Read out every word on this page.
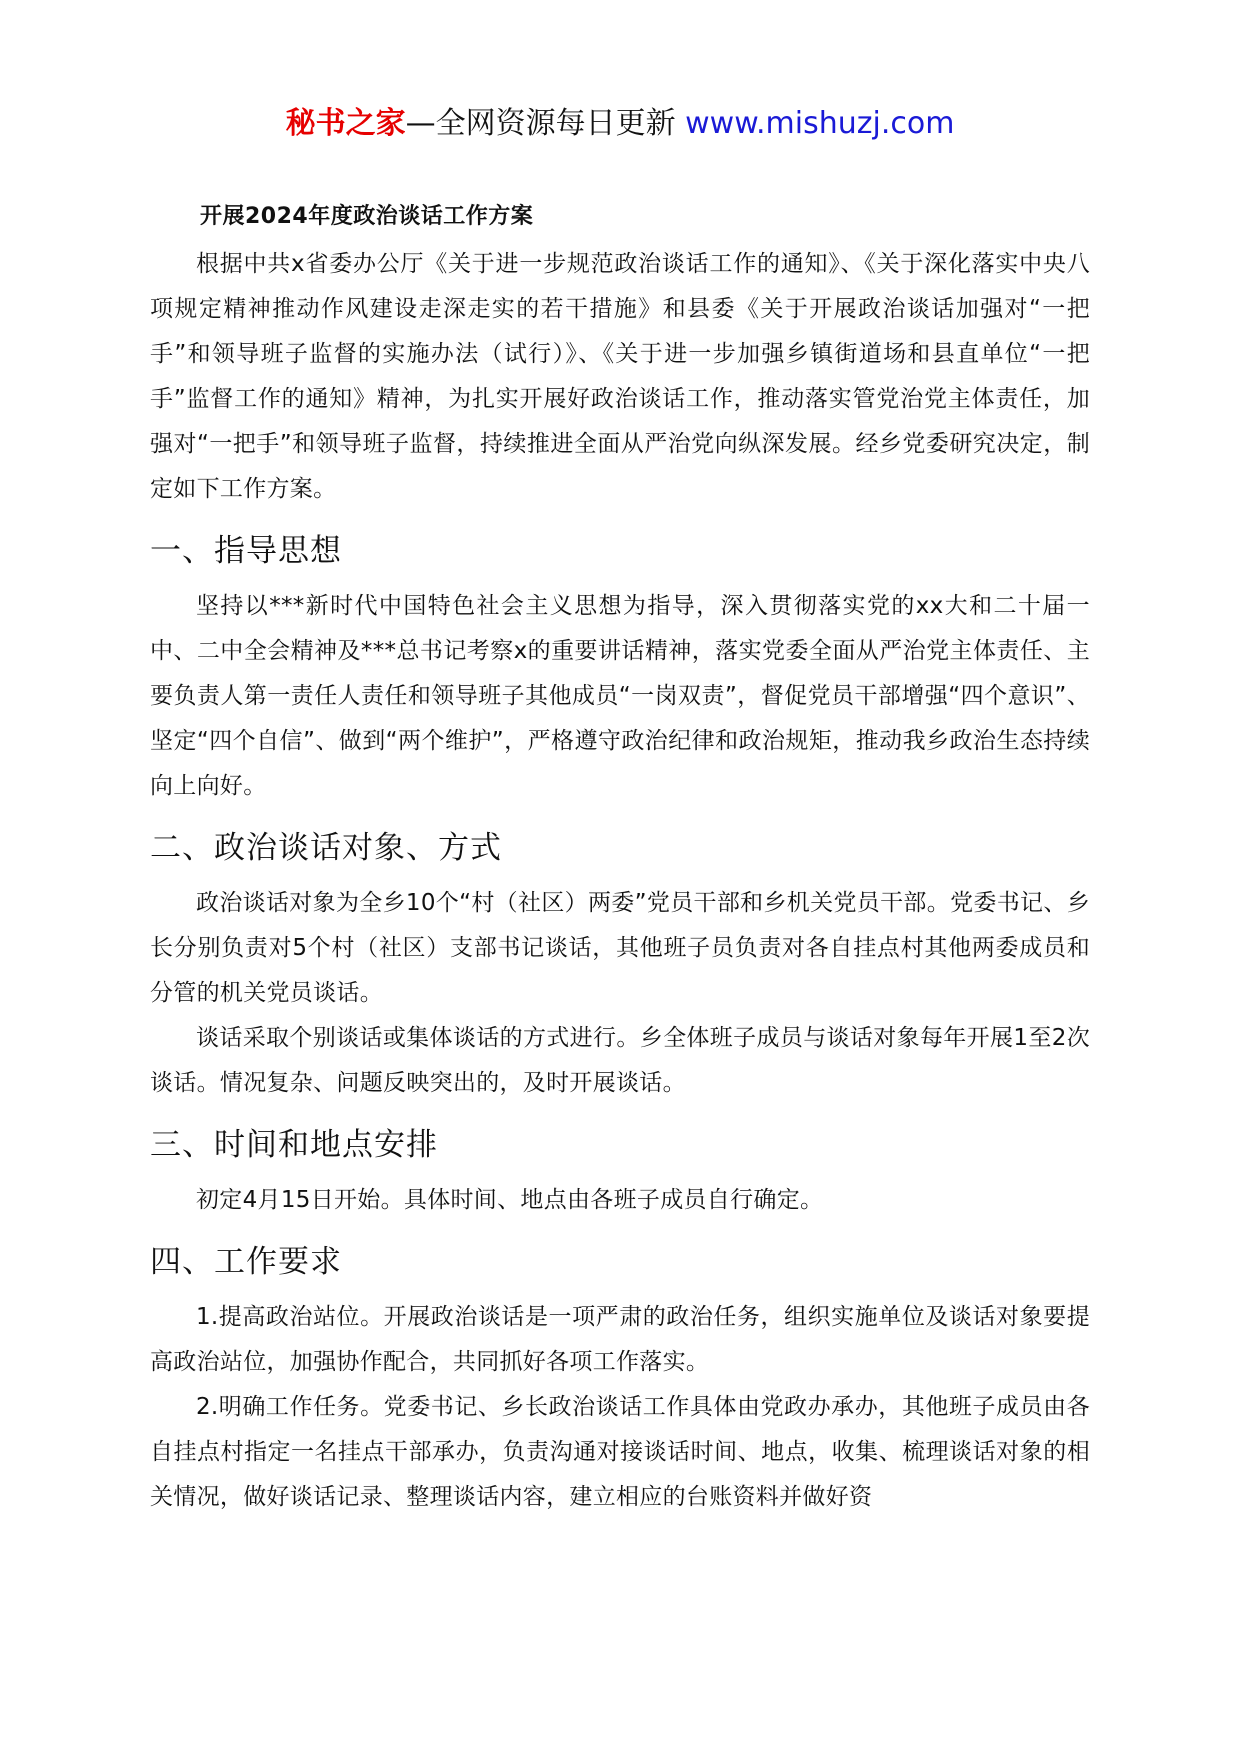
秘书之家—全网资源每日更新 www.mishuzj.com

开展2024年度政治谈话工作方案

根据中共x省委办公厅《关于进一步规范政治谈话工作的通知》、《关于深化落实中央八项规定精神推动作风建设走深走实的若干措施》和县委《关于开展政治谈话加强对“一把手”和领导班子监督的实施办法（试行）》、《关于进一步加强乡镇街道场和县直单位“一把手”监督工作的通知》精神，为扎实开展好政治谈话工作，推动落实管党治党主体责任，加强对“一把手”和领导班子监督，持续推进全面从严治党向纵深发展。经乡党委研究决定，制定如下工作方案。

一、指导思想

坚持以***新时代中国特色社会主义思想为指导，深入贯彻落实党的xx大和二十届一中、二中全会精神及***总书记考察x的重要讲话精神，落实党委全面从严治党主体责任、主要负责人第一责任人责任和领导班子其他成员“一岗双责”，督促党员干部增强“四个意识”、坚定“四个自信”、做到“两个维护”，严格遵守政治纪律和政治规矩，推动我乡政治生态持续向上向好。

二、政治谈话对象、方式

政治谈话对象为全乡10个“村（社区）两委”党员干部和乡机关党员干部。党委书记、乡长分别负责对5个村（社区）支部书记谈话，其他班子员负责对各自挂点村其他两委成员和分管的机关党员谈话。

谈话采取个别谈话或集体谈话的方式进行。乡全体班子成员与谈话对象每年开展1至2次谈话。情况复杂、问题反映突出的，及时开展谈话。

三、时间和地点安排

初定4月15日开始。具体时间、地点由各班子成员自行确定。

四、工作要求

1.提高政治站位。开展政治谈话是一项严肃的政治任务，组织实施单位及谈话对象要提高政治站位，加强协作配合，共同抓好各项工作落实。

2.明确工作任务。党委书记、乡长政治谈话工作具体由党政办承办，其他班子成员由各自挂点村指定一名挂点干部承办，负责沟通对接谈话时间、地点，收集、梳理谈话对象的相关情况，做好谈话记录、整理谈话内容，建立相应的台账资料并做好资
